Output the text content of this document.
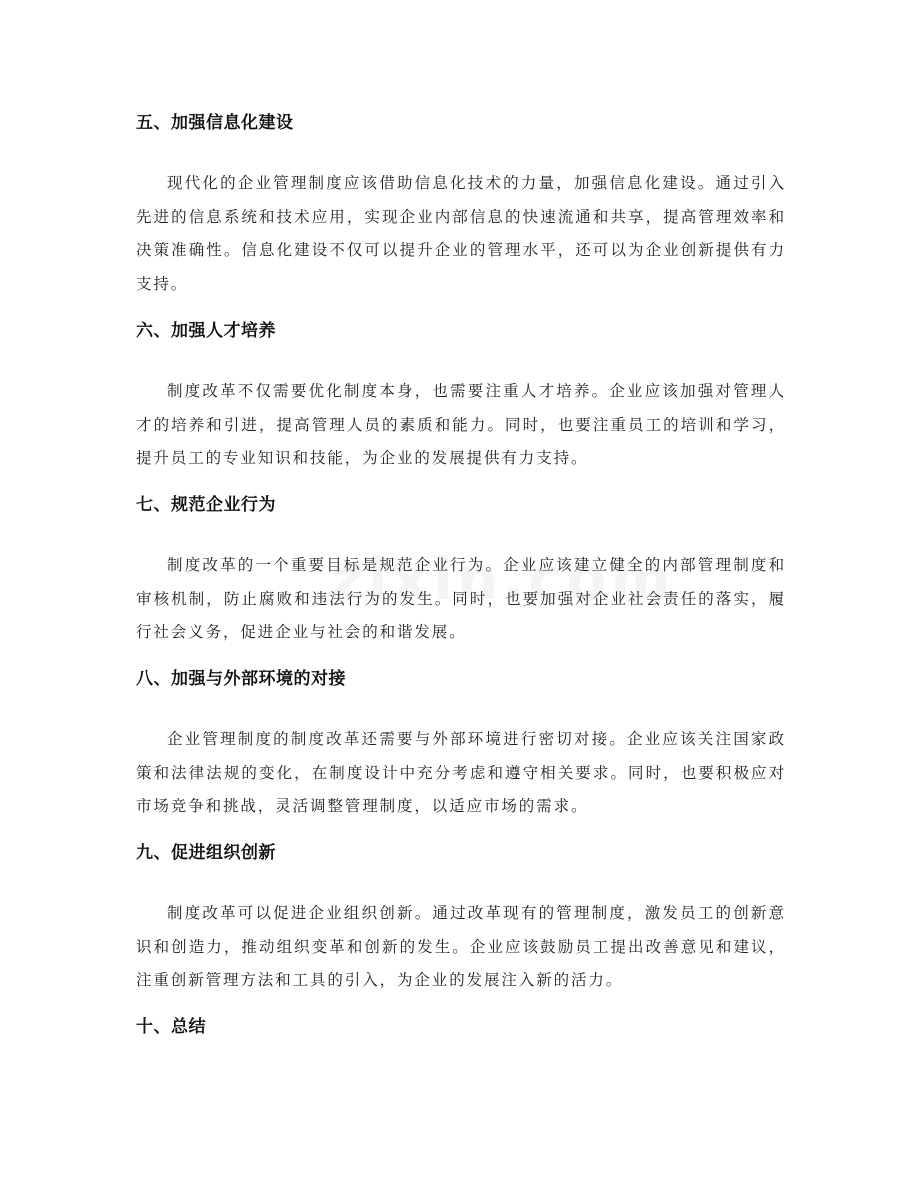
五、加强信息化建设

现代化的企业管理制度应该借助信息化技术的力量，加强信息化建设。通过引入先进的信息系统和技术应用，实现企业内部信息的快速流通和共享，提高管理效率和决策准确性。信息化建设不仅可以提升企业的管理水平，还可以为企业创新提供有力支持。

六、加强人才培养

制度改革不仅需要优化制度本身，也需要注重人才培养。企业应该加强对管理人才的培养和引进，提高管理人员的素质和能力。同时，也要注重员工的培训和学习，提升员工的专业知识和技能，为企业的发展提供有力支持。

七、规范企业行为

制度改革的一个重要目标是规范企业行为。企业应该建立健全的内部管理制度和审核机制，防止腐败和违法行为的发生。同时，也要加强对企业社会责任的落实，履行社会义务，促进企业与社会的和谐发展。

八、加强与外部环境的对接

企业管理制度的制度改革还需要与外部环境进行密切对接。企业应该关注国家政策和法律法规的变化，在制度设计中充分考虑和遵守相关要求。同时，也要积极应对市场竞争和挑战，灵活调整管理制度，以适应市场的需求。

九、促进组织创新

制度改革可以促进企业组织创新。通过改革现有的管理制度，激发员工的创新意识和创造力，推动组织变革和创新的发生。企业应该鼓励员工提出改善意见和建议，注重创新管理方法和工具的引入，为企业的发展注入新的活力。

十、总结
